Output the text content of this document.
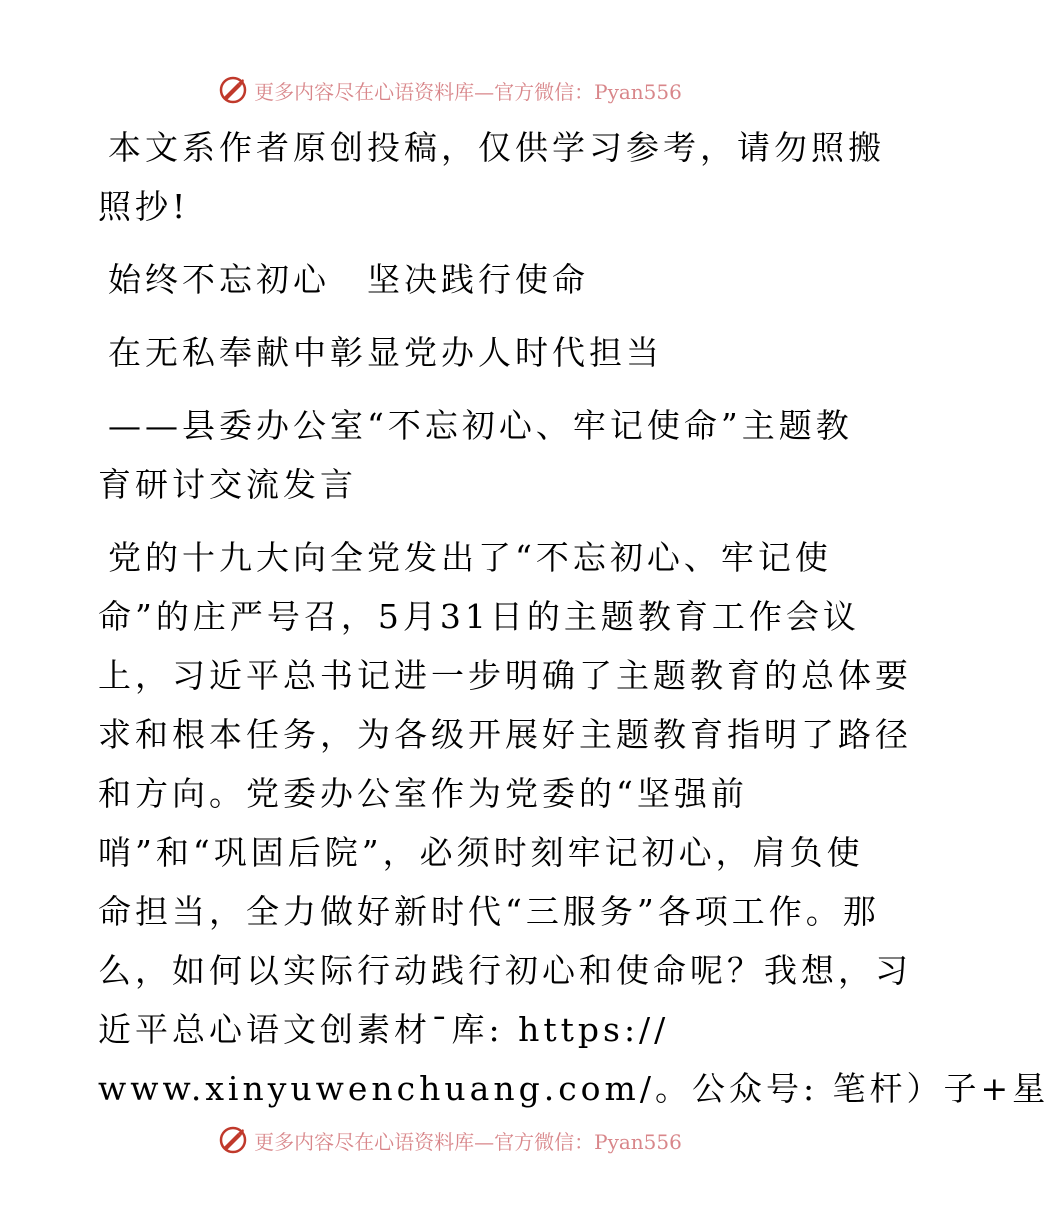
更多内容尽在心语资料库—官方微信：Pyan556
本文系作者原创投稿，仅供学习参考，请勿照搬
照抄!
始终不忘初心　坚决践行使命
在无私奉献中彰显党办人时代担当
——县委办公室“不忘初心、牢记使命”主题教
育研讨交流发言
党的十九大向全党发出了“不忘初心、牢记使
命”的庄严号召，5月31日的主题教育工作会议
上，习近平总书记进一步明确了主题教育的总体要
求和根本任务，为各级开展好主题教育指明了路径
和方向。党委办公室作为党委的“坚强前
哨”和“巩固后院”，必须时刻牢记初心，肩负使
命担当，全力做好新时代“三服务”各项工作。那
么，如何以实际行动践行初心和使命呢？我想，习
近平总心语文创素材¯库: https://
www.xinyuwenchuang.com/。公众号: 笔杆）子+星
更多内容尽在心语资料库—官方微信：Pyan556
